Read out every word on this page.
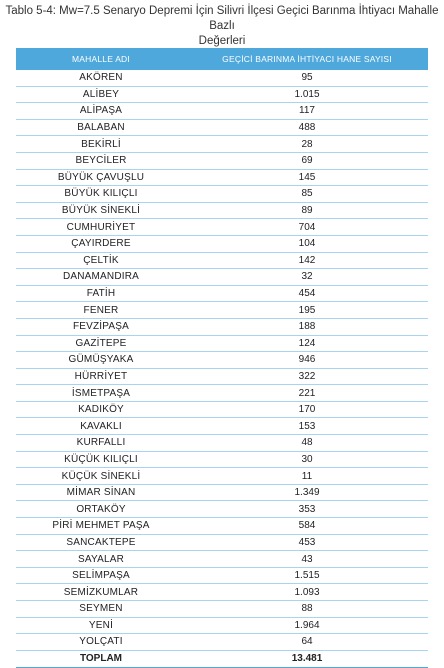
Tablo 5-4: Mw=7.5 Senaryo Depremi İçin Silivri İlçesi Geçici Barınma İhtiyacı Mahalle Bazlı
Değerleri
MAHALLE ADI	GEÇİCİ BARINMA İHTİYACI HANE SAYISI
AKÖREN	95
ALİBEY	1.015
ALİPAŞA	117
BALABAN	488
BEKİRLİ	28
BEYCİLER	69
BÜYÜK ÇAVUŞLU	145
BÜYÜK KILIÇLI	85
BÜYÜK SİNEKLİ	89
CUMHURİYET	704
ÇAYIRDERE	104
ÇELTİK	142
DANAMANDIRA	32
FATİH	454
FENER	195
FEVZİPAŞA	188
GAZİTEPE	124
GÜMÜŞYAKA	946
HÜRRİYET	322
İSMETPAŞA	221
KADIKÖY	170
KAVAKLI	153
KURFALLI	48
KÜÇÜK KILIÇLI	30
KÜÇÜK SİNEKLİ	11
MİMAR SİNAN	1.349
ORTAKÖY	353
PİRİ MEHMET PAŞA	584
SANCAKTEPE	453
SAYALAR	43
SELİMPAŞA	1.515
SEMİZKUMLAR	1.093
SEYMEN	88
YENİ	1.964
YOLÇATI	64
TOPLAM	13.481
